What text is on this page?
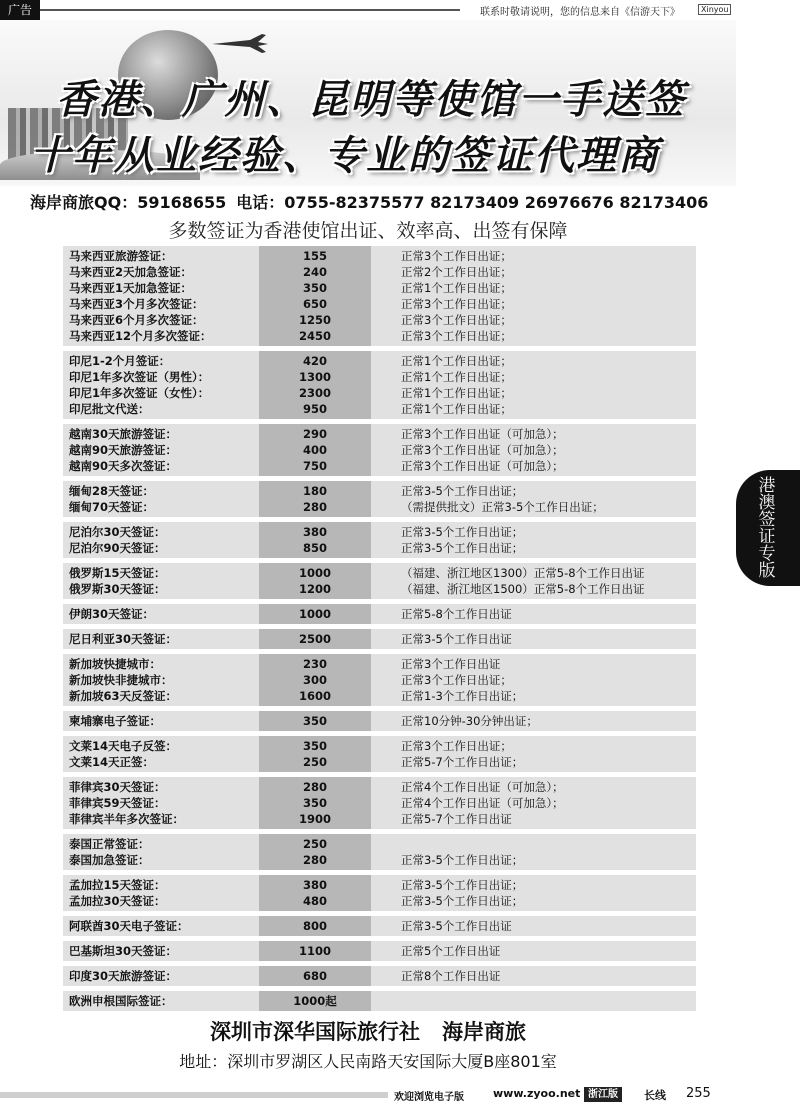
广告	联系时敬请说明，您的信息来自《信游天下》	Xinyou
香港、广州、昆明等使馆一手送签
十年从业经验、专业的签证代理商
海岸商旅QQ：59168655 电话：0755-82375577 82173409 26976676 82173406
多数签证为香港使馆出证、效率高、出签有保障
马来西亚旅游签证：	155	正常3个工作日出证；
马来西亚2天加急签证：	240	正常2个工作日出证；
马来西亚1天加急签证：	350	正常1个工作日出证；
马来西亚3个月多次签证：	650	正常3个工作日出证；
马来西亚6个月多次签证：	1250	正常3个工作日出证；
马来西亚12个月多次签证：	2450	正常3个工作日出证；
印尼1-2个月签证：	420	正常1个工作日出证；
印尼1年多次签证（男性）：	1300	正常1个工作日出证；
印尼1年多次签证（女性）：	2300	正常1个工作日出证；
印尼批文代送：	950	正常1个工作日出证；
越南30天旅游签证：	290	正常3个工作日出证（可加急）；
越南90天旅游签证：	400	正常3个工作日出证（可加急）；
越南90天多次签证：	750	正常3个工作日出证（可加急）；
缅甸28天签证：	180	正常3-5个工作日出证；
缅甸70天签证：	280	（需提供批文）正常3-5个工作日出证；
尼泊尔30天签证：	380	正常3-5个工作日出证；
尼泊尔90天签证：	850	正常3-5个工作日出证；
俄罗斯15天签证：	1000	（福建、浙江地区1300）正常5-8个工作日出证
俄罗斯30天签证：	1200	（福建、浙江地区1500）正常5-8个工作日出证
伊朗30天签证：	1000	正常5-8个工作日出证
尼日利亚30天签证：	2500	正常3-5个工作日出证
新加坡快捷城市：	230	正常3个工作日出证
新加坡快非捷城市：	300	正常3个工作日出证；
新加坡63天反签证：	1600	正常1-3个工作日出证；
柬埔寨电子签证：	350	正常10分钟-30分钟出证；
文莱14天电子反签：	350	正常3个工作日出证；
文莱14天正签：	250	正常5-7个工作日出证；
菲律宾30天签证：	280	正常4个工作日出证（可加急）；
菲律宾59天签证：	350	正常4个工作日出证（可加急）；
菲律宾半年多次签证：	1900	正常5-7个工作日出证
泰国正常签证：	250
泰国加急签证：	280	正常3-5个工作日出证；
孟加拉15天签证：	380	正常3-5个工作日出证；
孟加拉30天签证：	480	正常3-5个工作日出证；
阿联酋30天电子签证：	800	正常3-5个工作日出证
巴基斯坦30天签证：	1100	正常5个工作日出证
印度30天旅游签证：	680	正常8个工作日出证
欧洲申根国际签证：	1000起
港澳签证专版
深圳市深华国际旅行社 海岸商旅
地址：深圳市罗湖区人民南路天安国际大厦B座801室
欢迎浏览电子版	www.zyoo.net 浙江版	长线 255
